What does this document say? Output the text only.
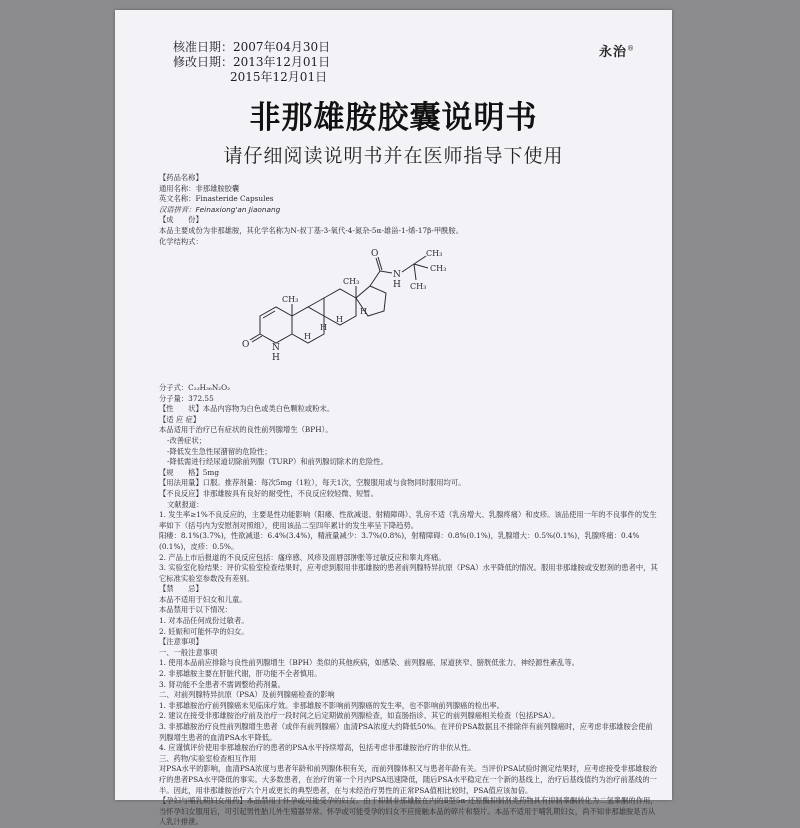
核准日期：2007年04月30日
修改日期：2013年12月01日
2015年12月01日
永治®
非那雄胺胶囊说明书
请仔细阅读说明书并在医师指导下使用
【药品名称】
通用名称：非那雄胺胶囊
英文名称：Finasteride Capsules
汉语拼音：Feinaxiong'an Jiaonang
【成　　份】
本品主要成份为非那雄胺，其化学名称为N-叔丁基-3-氧代-4-氮杂-5α-雄甾-1-烯-17β-甲酰胺。
化学结构式：
O	N
H
CH₃
CH₃
O
N
H
CH₃
CH₃
CH₃
H
H
H
H
分子式：C₂₃H₃₆N₂O₂
分子量：372.55
【性　　状】本品内容物为白色或类白色颗粒或粉末。
【适 应 症】
本品适用于治疗已有症状的良性前列腺增生（BPH）。
-改善症状；
-降低发生急性尿潴留的危险性；
-降低需进行经尿道切除前列腺（TURP）和前列腺切除术的危险性。
【规　　格】5mg
【用法用量】口服。推荐剂量：每次5mg（1粒），每天1次，空腹服用或与食物同时服用均可。
【不良反应】非那雄胺具有良好的耐受性，不良反应较轻微、短暂。
文献报道：
1. 发生率≥1%不良反应的，主要是性功能影响（阳痿、性欲减退、射精障碍）、乳房不适（乳房增大、乳腺疼痛）和皮疹。该品使用一年的不良事件的发生率如下（括号内为安慰剂对照组），使用该品二至四年累计的发生率呈下降趋势。
阳痿：8.1%(3.7%)，性欲减退：6.4%(3.4%)，精液量减少：3.7%(0.8%)，射精障碍：0.8%(0.1%)，乳腺增大：0.5%(0.1%)，乳腺疼痛：0.4%(0.1%)，皮疹：0.5%。
2. 产品上市后报道的不良反应包括：瘙痒感、风疹及面唇部肿胀等过敏反应和睾丸疼痛。
3. 实验室化验结果：评价实验室检查结果时，应考虑到服用非那雄胺的患者前列腺特异抗原（PSA）水平降低的情况。服用非那雄胺或安慰剂的患者中，其它标准实验室参数没有差别。
【禁　　忌】
本品不适用于妇女和儿童。
本品禁用于以下情况：
1. 对本品任何成份过敏者。
2. 妊娠和可能怀孕的妇女。
【注意事项】
一、一般注意事项
1. 使用本品前应排除与良性前列腺增生（BPH）类似的其他疾病，如感染、前列腺癌、尿道狭窄、膀胱低张力、神经源性紊乱等。
2. 非那雄胺主要在肝脏代谢，肝功能不全者慎用。
3. 肾功能不全患者不需调整给药剂量。
二、对前列腺特异抗原（PSA）及前列腺癌检查的影响
1. 非那雄胺治疗前列腺癌未见临床疗效。非那雄胺不影响前列腺癌的发生率，也不影响前列腺癌的检出率。
2. 建议在接受非那雄胺治疗前及治疗一段时间之后定期做前列腺检查，如直肠指诊、其它的前列腺癌相关检查（包括PSA）。
3. 非那雄胺治疗良性前列腺增生患者（或伴有前列腺癌）血清PSA浓度大约降低50%。在评价PSA数据且不排除伴有前列腺癌时，应考虑非那雄胺会使前列腺增生患者的血清PSA水平降低。
4. 应谨慎评价使用非那雄胺治疗的患者的PSA水平持续增高，包括考虑非那雄胺治疗的非依从性。
三、药物/实验室检查相互作用
对PSA水平的影响，血清PSA浓度与患者年龄和前列腺体积有关，而前列腺体积又与患者年龄有关。当评价PSA试验时测定结果时，应考虑接受非那雄胺治疗的患者PSA水平降低的事实。大多数患者，在治疗的第一个月内PSA迅速降低，随后PSA水平稳定在一个新的基线上，治疗后基线值约为治疗前基线的一半。因此，用非那雄胺治疗六个月或更长的典型患者，在与未经治疗男性的正常PSA值相比较时，PSA值应该加倍。
【孕妇与哺乳期妇女用药】本品禁用于怀孕或可能受孕的妇女。由于抑制非那雄胺在内的Ⅱ型5α-还原酶抑制剂类药物具有抑制睾酮转化为二氢睾酮的作用，当怀孕妇女服用后，可引起男性胎儿外生殖器异常。怀孕或可能受孕的妇女不应接触本品的碎片和裂片。本品不适用于哺乳期妇女，尚不知非那雄胺是否从人乳汁排泄。
